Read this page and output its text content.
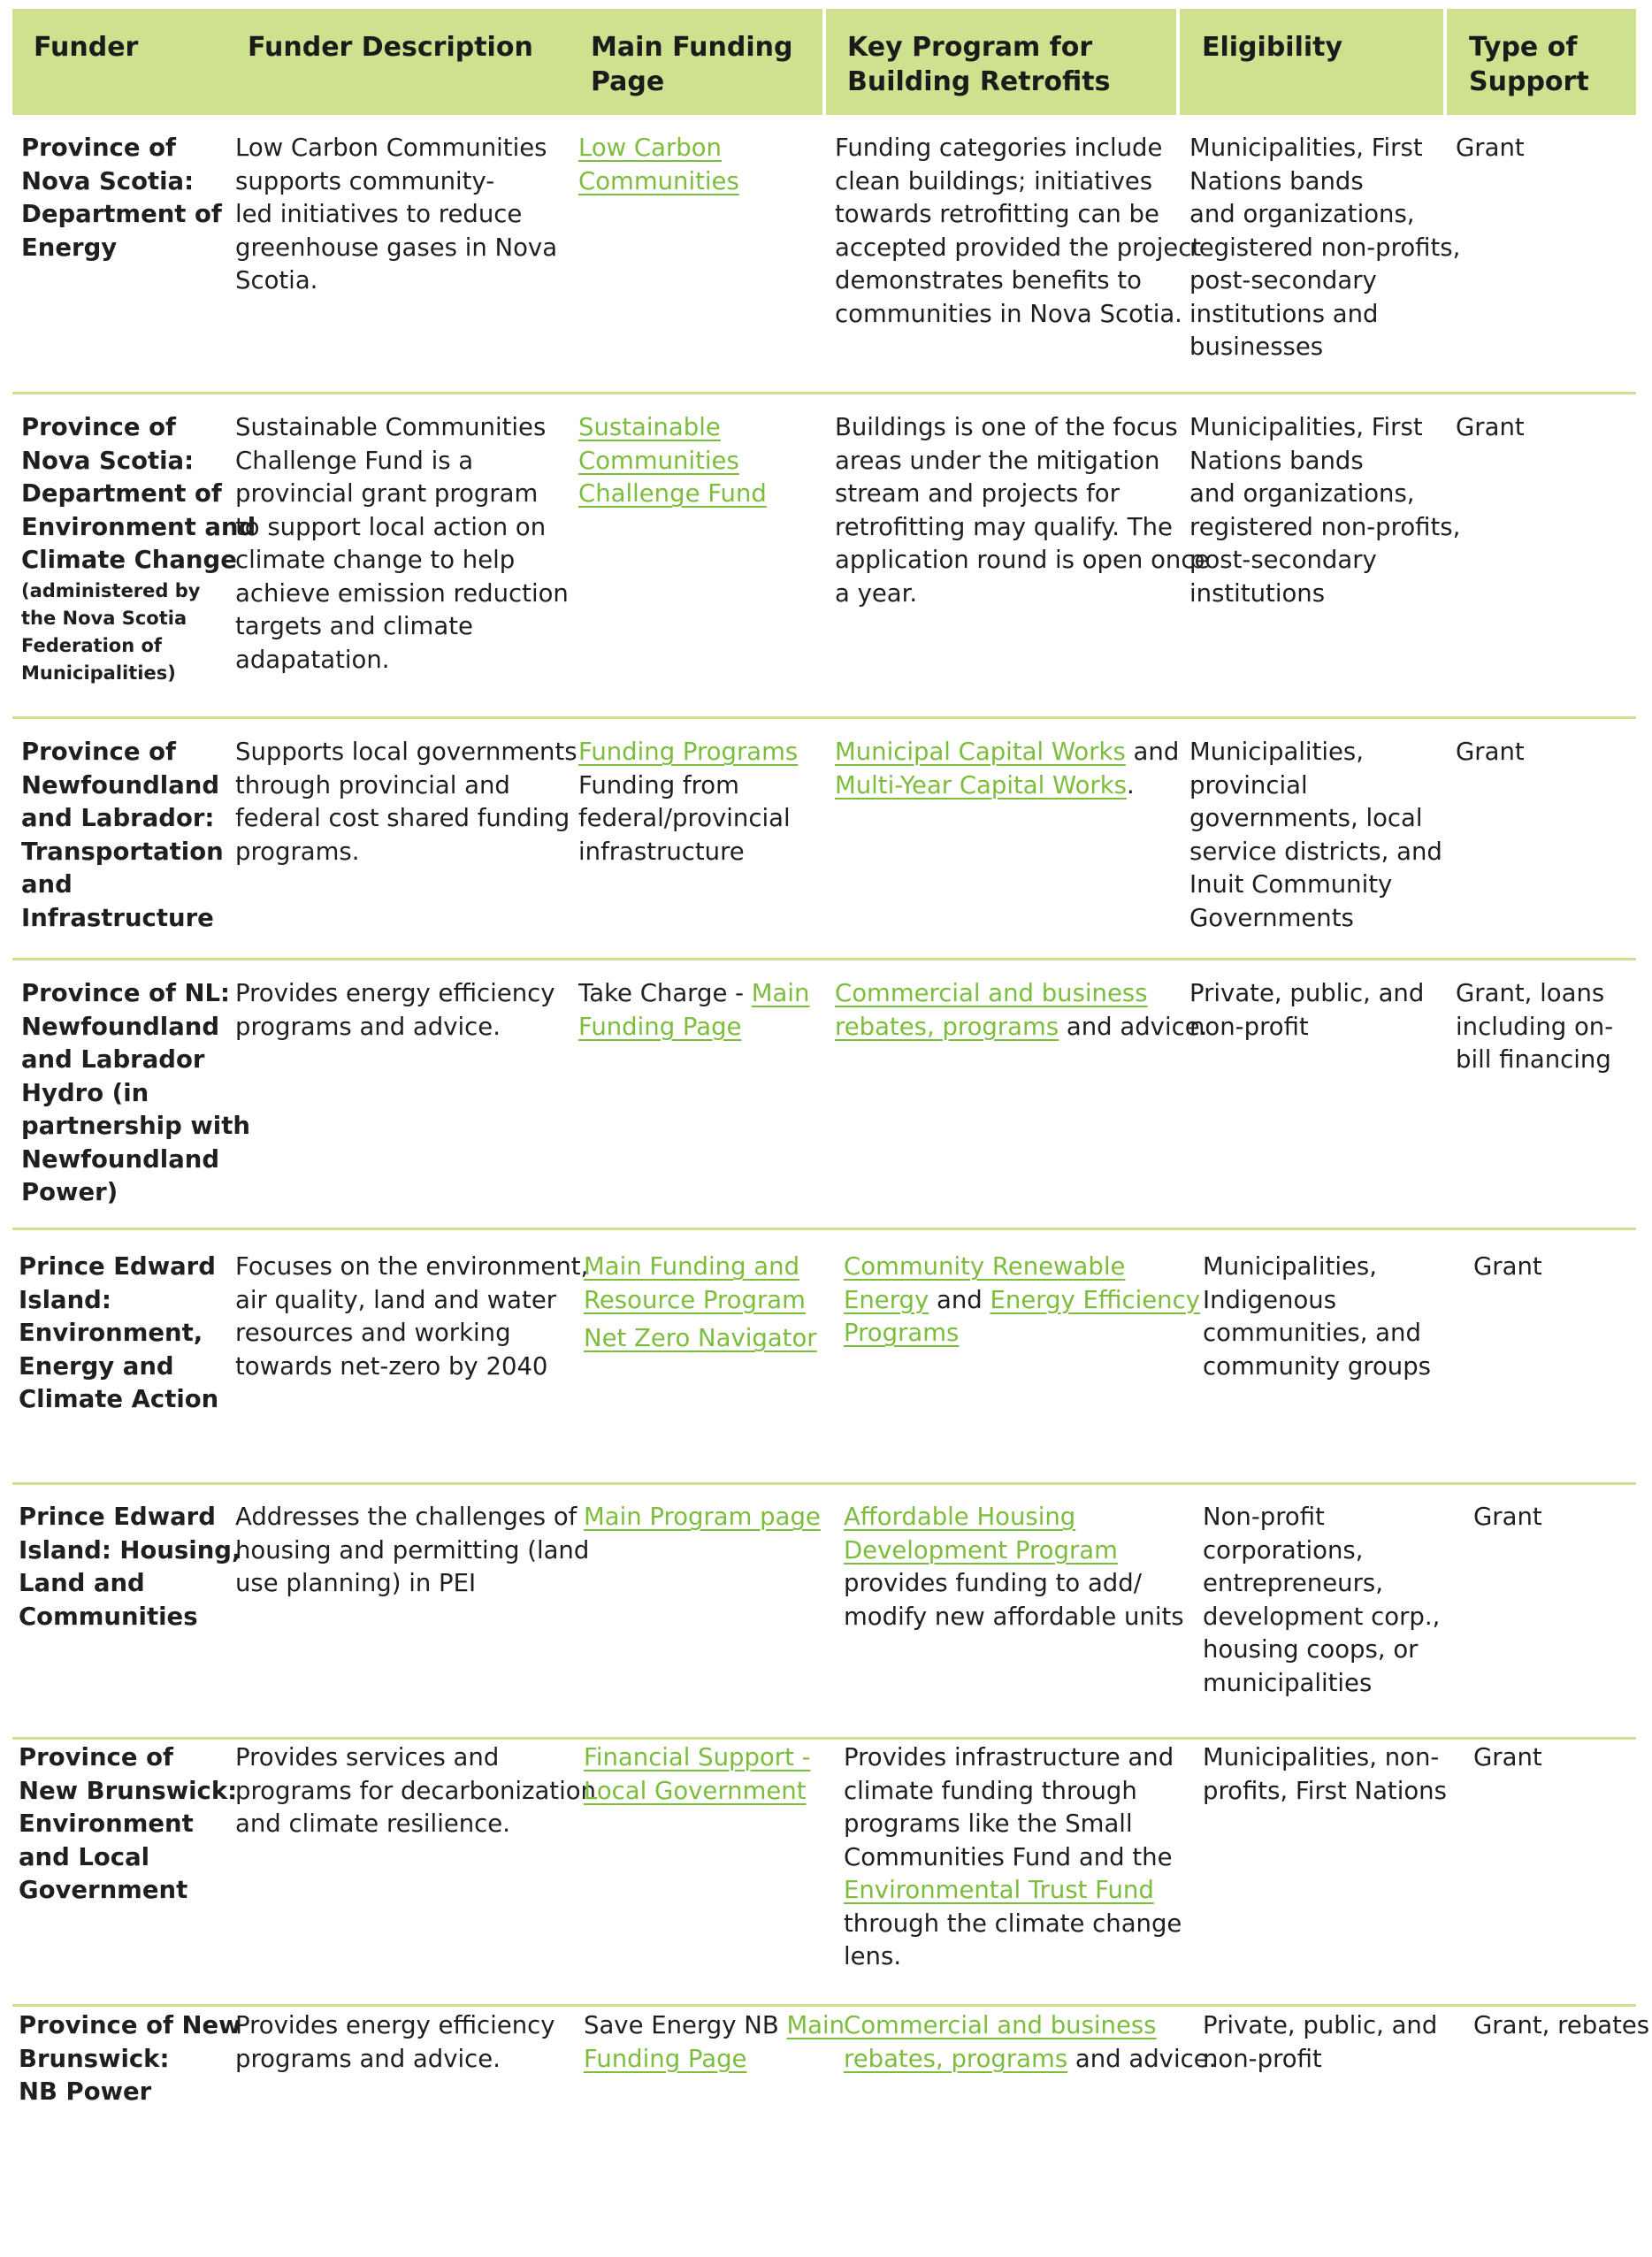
Funder	Funder Description Main Funding
Page
Key Program for
Building Retrofits
Eligibility	Type of
Support
Province of
Nova Scotia:
Department of
Energy
Low Carbon Communities
supports community-
led initiatives to reduce
greenhouse gases in Nova
Scotia.
Low Carbon
Communities
Funding categories include
clean buildings; initiatives
towards retrofitting can be
accepted provided the project
demonstrates benefits to
communities in Nova Scotia.
Municipalities, First
Nations bands
and organizations,
registered non-profits,
post-secondary
institutions and
businesses
Grant
Province of
Nova Scotia:
Department of
Environment and
Climate Change
(administered by
the Nova Scotia
Federation of
Municipalities)
Sustainable Communities
Challenge Fund is a
provincial grant program
to support local action on
climate change to help
achieve emission reduction
targets and climate
adapatation.
Sustainable
Communities
Challenge Fund
Buildings is one of the focus
areas under the mitigation
stream and projects for
retrofitting may qualify. The
application round is open once
a year.
Municipalities, First
Nations bands
and organizations,
registered non-profits,
post-secondary
institutions
Grant
Province of
Newfoundland
and Labrador:
Transportation
and
Infrastructure
Supports local governments
through provincial and
federal cost shared funding
programs.
Funding Programs
Funding from
federal/provincial
infrastructure
Municipal Capital Works and
Multi-Year Capital Works.
Municipalities,
provincial
governments, local
service districts, and
Inuit Community
Governments
Grant
Province of NL:
Newfoundland
and Labrador
Hydro (in
partnership with
Newfoundland
Power)
Provides energy efficiency
programs and advice.
Take Charge - Main
Funding Page
Commercial and business
rebates, programs and advice.
Private, public, and
non-profit
Grant, loans
including on-
bill financing
Prince Edward
Island:
Environment,
Energy and
Climate Action
Focuses on the environment,
air quality, land and water
resources and working
towards net-zero by 2040
Main Funding and
Resource Program
Net Zero Navigator
Community Renewable
Energy and Energy Efficiency
Programs
Municipalities,
Indigenous
communities, and
community groups
Grant
Prince Edward
Island: Housing,
Land and
Communities
Addresses the challenges of
housing and permitting (land
use planning) in PEI
Main Program page Affordable Housing
Development Program
provides funding to add/
modify new affordable units
Non-profit
corporations,
entrepreneurs,
development corp.,
housing coops, or
municipalities
Grant
Province of
New Brunswick:
Environment
and Local
Government
Provides services and
programs for decarbonization
and climate resilience.
Financial Support -
Local Government
Provides infrastructure and
climate funding through
programs like the Small
Communities Fund and the
Environmental Trust Fund
through the climate change
lens.
Municipalities, non-
profits, First Nations
Grant
Province of New
Brunswick:
NB Power
Provides energy efficiency
programs and advice.
Save Energy NB Main
Funding Page
Commercial and business
rebates, programs and advice.
Private, public, and
non-profit
Grant, rebates
